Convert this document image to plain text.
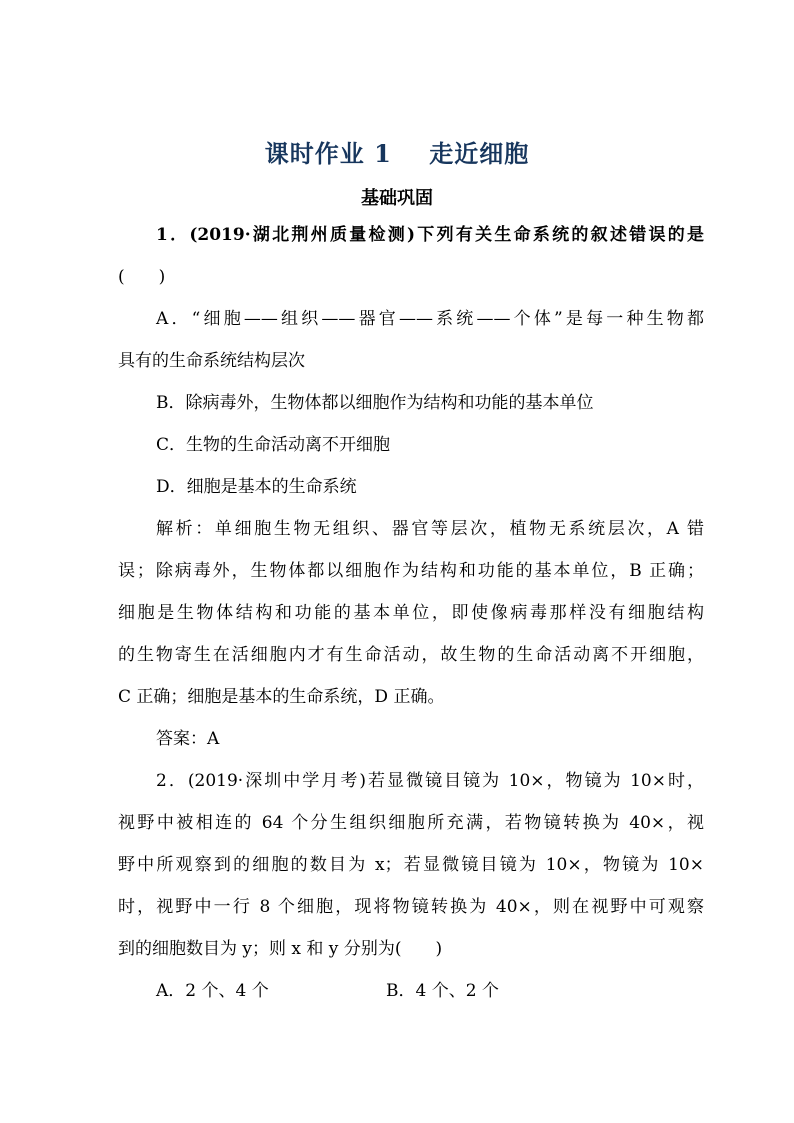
课时作业 1    走近细胞
基础巩固
1．(2019·湖北荆州质量检测)下列有关生命系统的叙述错误的是
(　　)
A．“细胞——组织——器官——系统——个体”是每一种生物都
具有的生命系统结构层次
B．除病毒外，生物体都以细胞作为结构和功能的基本单位
C．生物的生命活动离不开细胞
D．细胞是基本的生命系统
解析：单细胞生物无组织、器官等层次，植物无系统层次，A 错
误；除病毒外，生物体都以细胞作为结构和功能的基本单位，B 正确；
细胞是生物体结构和功能的基本单位，即使像病毒那样没有细胞结构
的生物寄生在活细胞内才有生命活动，故生物的生命活动离不开细胞，
C 正确；细胞是基本的生命系统，D 正确。
答案：A
2．(2019·深圳中学月考)若显微镜目镜为 10×，物镜为 10×时，
视野中被相连的 64 个分生组织细胞所充满，若物镜转换为 40×，视
野中所观察到的细胞的数目为 x；若显微镜目镜为 10×，物镜为 10×
时，视野中一行 8 个细胞，现将物镜转换为 40×，则在视野中可观察
到的细胞数目为 y；则 x 和 y 分别为(　　)
A．2 个、4 个	B．4 个、2 个
